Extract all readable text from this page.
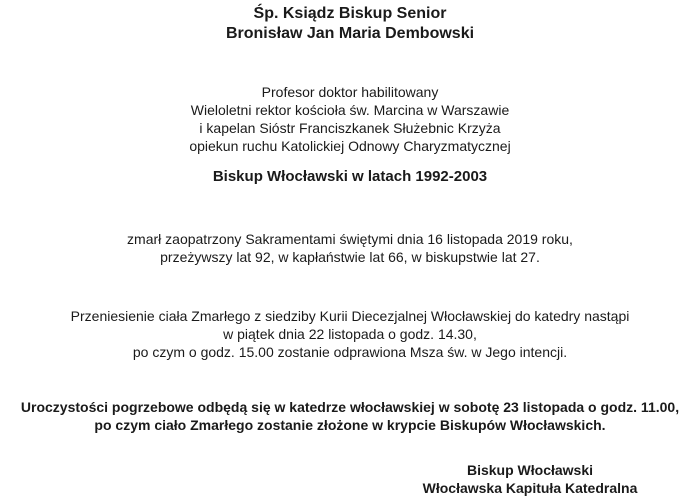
Śp. Ksiądz Biskup Senior
Bronisław Jan Maria Dembowski
Profesor doktor habilitowany
Wieloletni rektor kościoła św. Marcina w Warszawie
i kapelan Sióstr Franciszkanek Służebnic Krzyża
opiekun ruchu Katolickiej Odnowy Charyzmatycznej
Biskup Włocławski w latach 1992-2003
zmarł zaopatrzony Sakramentami świętymi dnia 16 listopada 2019 roku,
przeżywszy lat 92, w kapłaństwie lat 66, w biskupstwie lat 27.
Przeniesienie ciała Zmarłego z siedziby Kurii Diecezjalnej Włocławskiej do katedry nastąpi
w piątek dnia 22 listopada o godz. 14.30,
po czym o godz. 15.00 zostanie odprawiona Msza św. w Jego intencji.
Uroczystości pogrzebowe odbędą się w katedrze włocławskiej w sobotę 23 listopada o godz. 11.00,
po czym ciało Zmarłego zostanie złożone w krypcie Biskupów Włocławskich.
Biskup Włocławski
Włocławska Kapituła Katedralna
